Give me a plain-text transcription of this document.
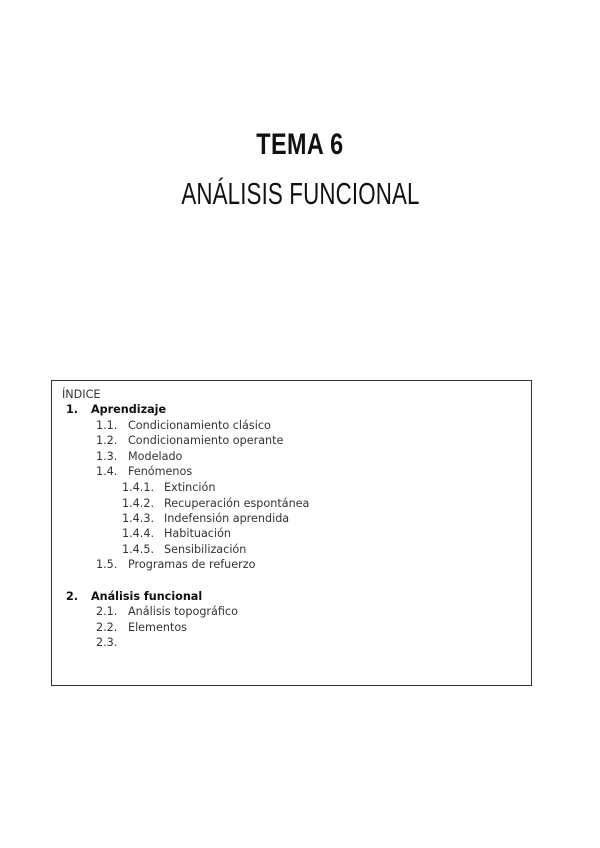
TEMA 6
ANÁLISIS FUNCIONAL
ÍNDICE
1. Aprendizaje
1.1. Condicionamiento clásico
1.2. Condicionamiento operante
1.3. Modelado
1.4. Fenómenos
1.4.1. Extinción
1.4.2. Recuperación espontánea
1.4.3. Indefensión aprendida
1.4.4. Habituación
1.4.5. Sensibilización
1.5. Programas de refuerzo
2. Análisis funcional
2.1. Análisis topográfico
2.2. Elementos
2.3.
